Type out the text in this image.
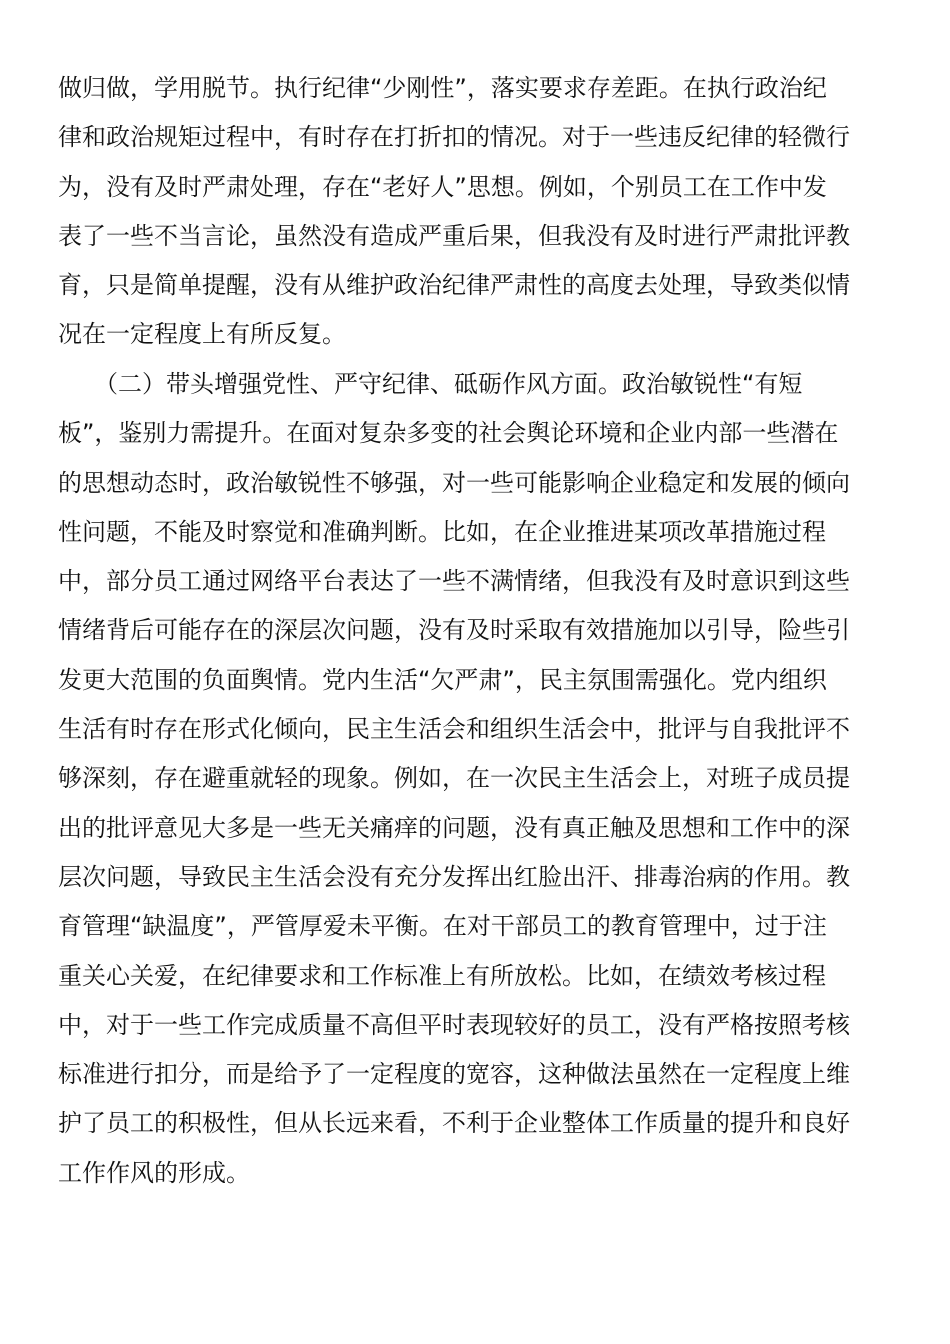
做归做，学用脱节。执行纪律“少刚性”，落实要求存差距。在执行政治纪
律和政治规矩过程中，有时存在打折扣的情况。对于一些违反纪律的轻微行
为，没有及时严肃处理，存在“老好人”思想。例如，个别员工在工作中发
表了一些不当言论，虽然没有造成严重后果，但我没有及时进行严肃批评教
育，只是简单提醒，没有从维护政治纪律严肃性的高度去处理，导致类似情
况在一定程度上有所反复。
　　（二）带头增强党性、严守纪律、砥砺作风方面。政治敏锐性“有短
板”，鉴别力需提升。在面对复杂多变的社会舆论环境和企业内部一些潜在
的思想动态时，政治敏锐性不够强，对一些可能影响企业稳定和发展的倾向
性问题，不能及时察觉和准确判断。比如，在企业推进某项改革措施过程
中，部分员工通过网络平台表达了一些不满情绪，但我没有及时意识到这些
情绪背后可能存在的深层次问题，没有及时采取有效措施加以引导，险些引
发更大范围的负面舆情。党内生活“欠严肃”，民主氛围需强化。党内组织
生活有时存在形式化倾向，民主生活会和组织生活会中，批评与自我批评不
够深刻，存在避重就轻的现象。例如，在一次民主生活会上，对班子成员提
出的批评意见大多是一些无关痛痒的问题，没有真正触及思想和工作中的深
层次问题，导致民主生活会没有充分发挥出红脸出汗、排毒治病的作用。教
育管理“缺温度”，严管厚爱未平衡。在对干部员工的教育管理中，过于注
重关心关爱，在纪律要求和工作标准上有所放松。比如，在绩效考核过程
中，对于一些工作完成质量不高但平时表现较好的员工，没有严格按照考核
标准进行扣分，而是给予了一定程度的宽容，这种做法虽然在一定程度上维
护了员工的积极性，但从长远来看，不利于企业整体工作质量的提升和良好
工作作风的形成。
